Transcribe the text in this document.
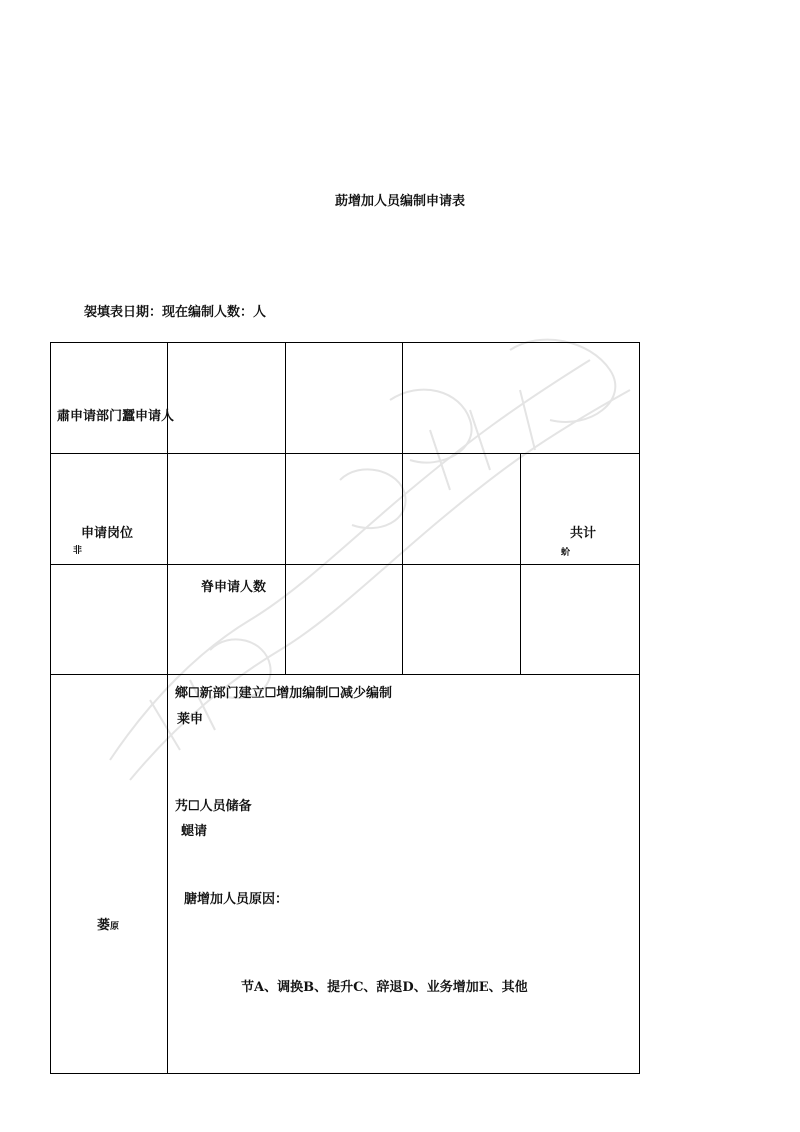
莇增加人员编制申请表
袈填表日期：现在编制人数：人
肅申请部门蠶申请人
申请岗位
非
共计
蚧
脊申请人数
蒌原
鄉☐新部门建立☐增加编制☐减少编制
莱申
艿☐人员储备
螁请
膅增加人员原因：
节A、调换B、提升C、辞退D、业务增加E、其他
